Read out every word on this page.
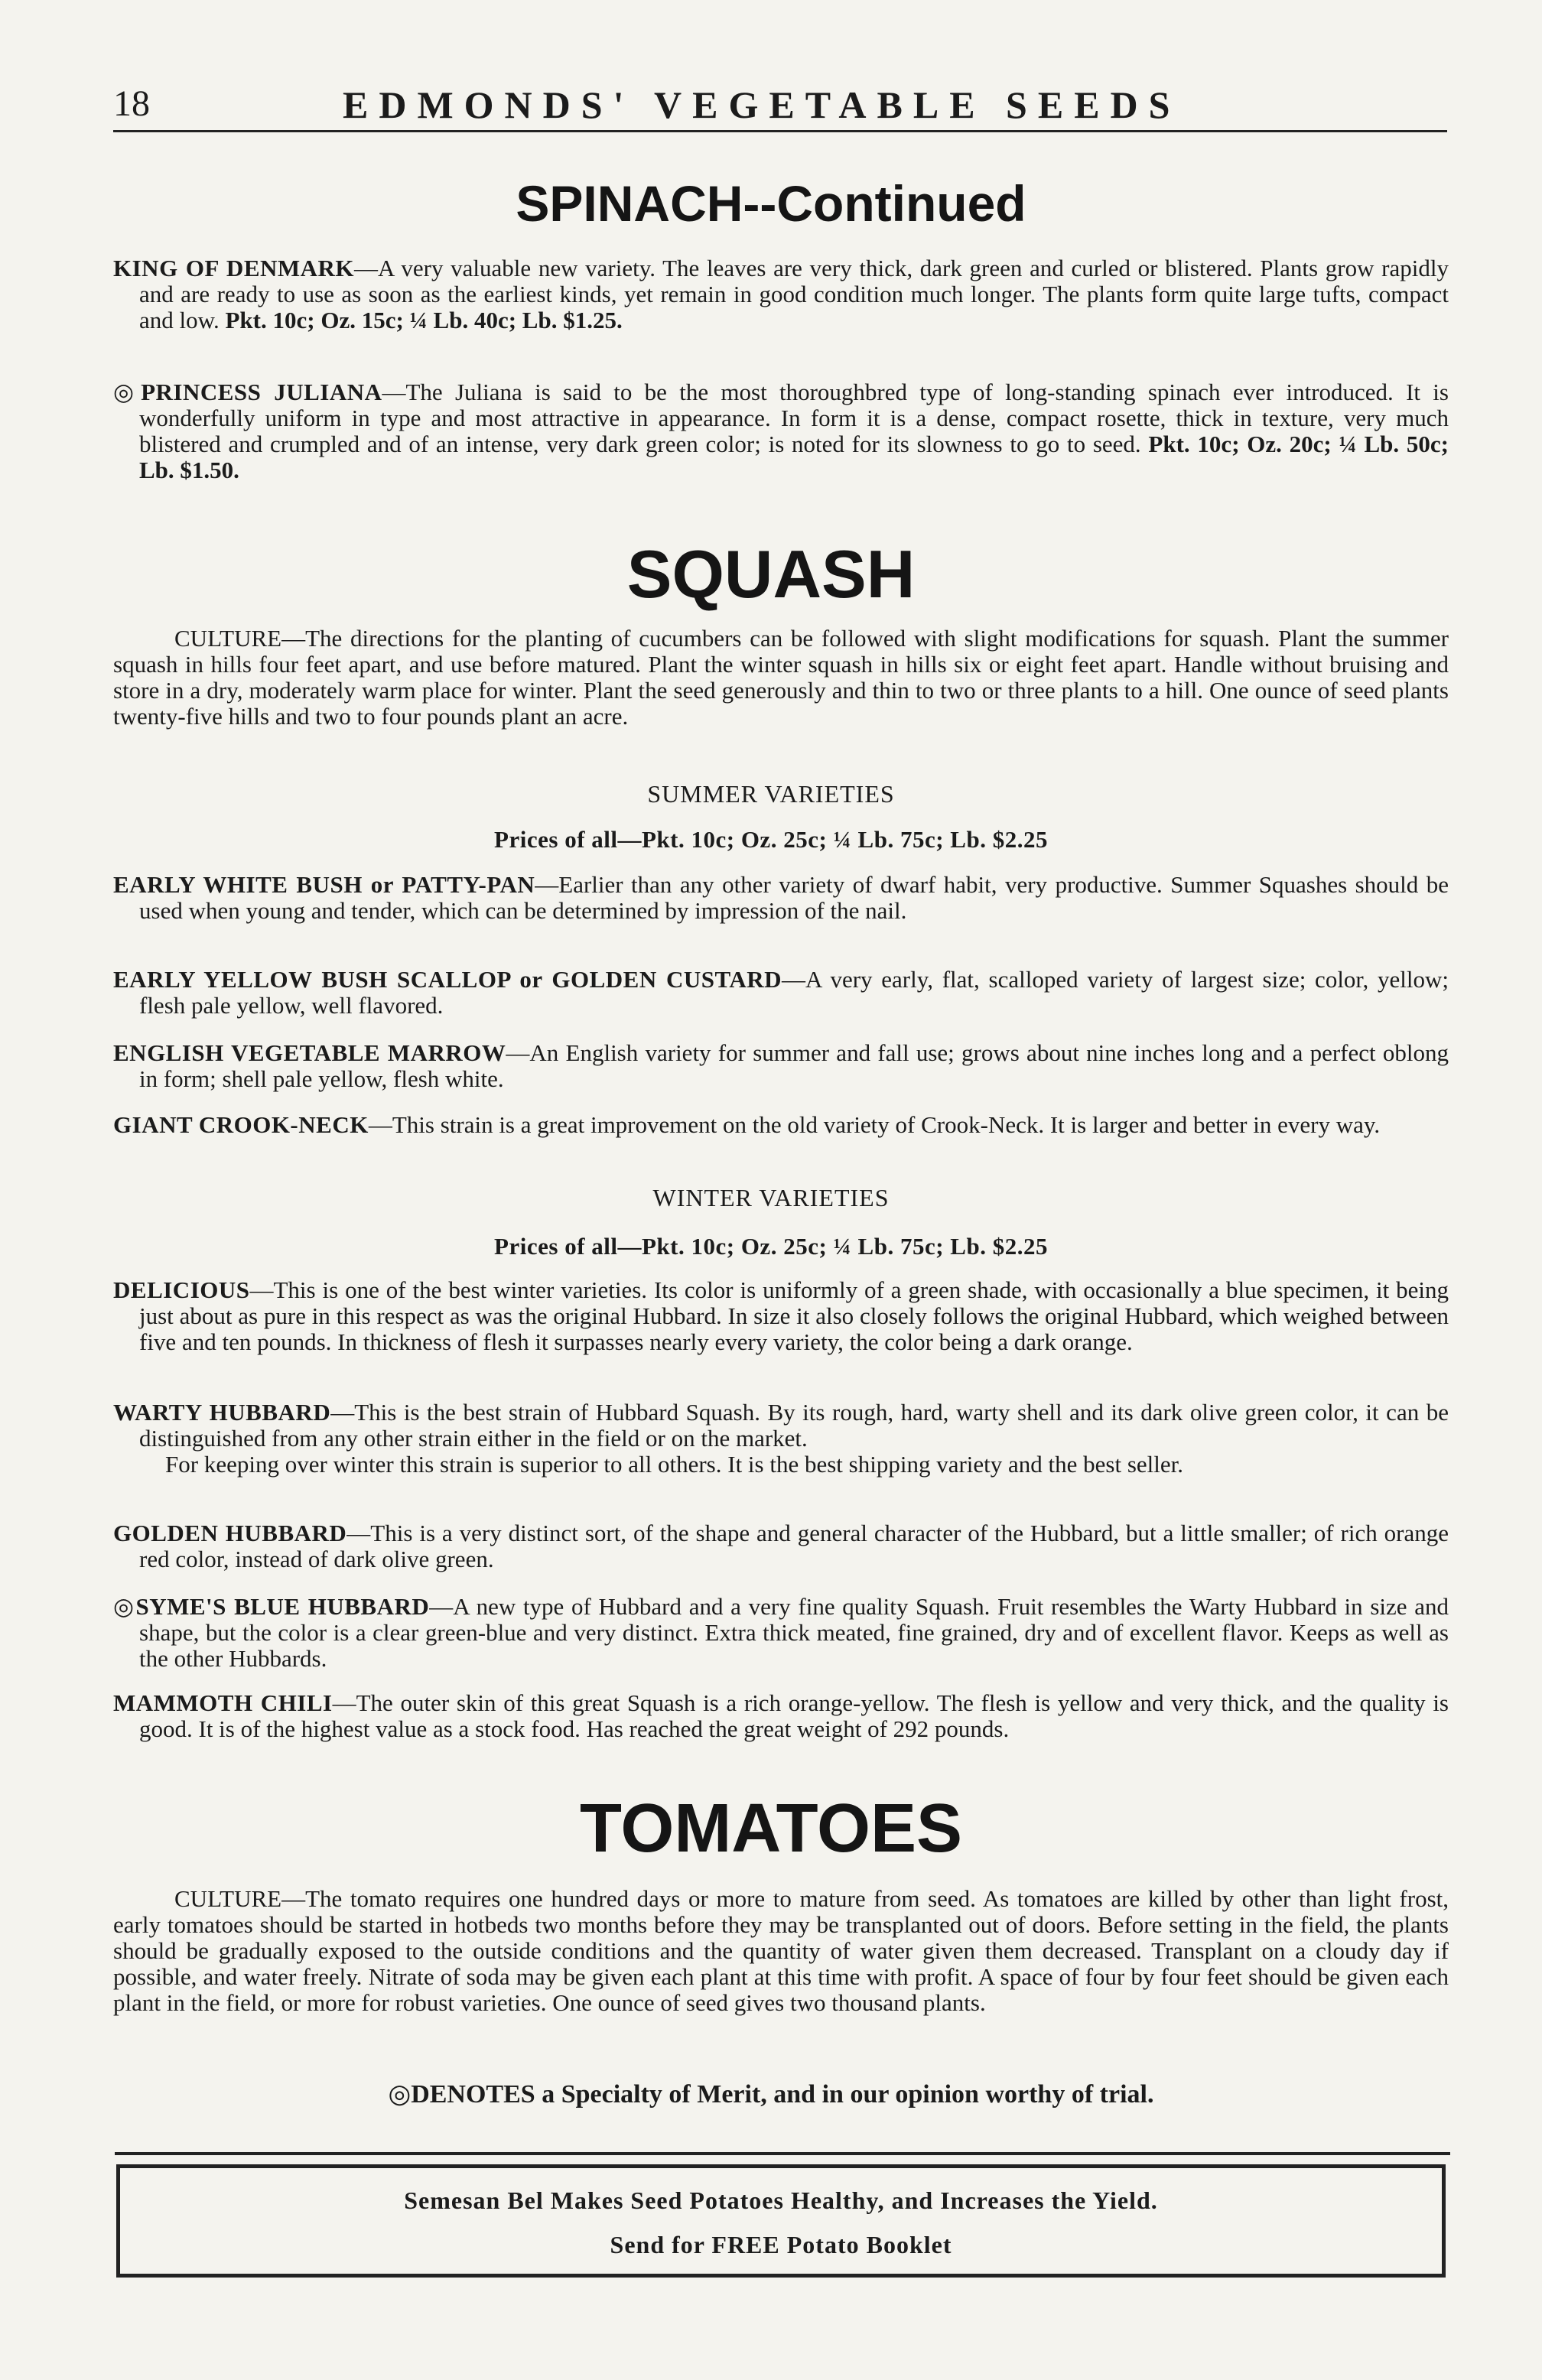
18	EDMONDS' VEGETABLE SEEDS
SPINACH--Continued
KING OF DENMARK—A very valuable new variety. The leaves are very thick, dark green and curled or blistered. Plants grow rapidly and are ready to use as soon as the earliest kinds, yet remain in good condition much longer. The plants form quite large tufts, compact and low. Pkt. 10c; Oz. 15c; ¼ Lb. 40c; Lb. $1.25.
◎PRINCESS JULIANA—The Juliana is said to be the most thoroughbred type of long-standing spinach ever introduced. It is wonderfully uniform in type and most attractive in appearance. In form it is a dense, compact rosette, thick in texture, very much blistered and crumpled and of an intense, very dark green color; is noted for its slowness to go to seed. Pkt. 10c; Oz. 20c; ¼ Lb. 50c; Lb. $1.50.
SQUASH
CULTURE—The directions for the planting of cucumbers can be followed with slight modifications for squash. Plant the summer squash in hills four feet apart, and use before matured. Plant the winter squash in hills six or eight feet apart. Handle without bruising and store in a dry, moderately warm place for winter. Plant the seed generously and thin to two or three plants to a hill. One ounce of seed plants twenty-five hills and two to four pounds plant an acre.
SUMMER VARIETIES
Prices of all—Pkt. 10c; Oz. 25c; ¼ Lb. 75c; Lb. $2.25
EARLY WHITE BUSH or PATTY-PAN—Earlier than any other variety of dwarf habit, very productive. Summer Squashes should be used when young and tender, which can be determined by impression of the nail.
EARLY YELLOW BUSH SCALLOP or GOLDEN CUSTARD—A very early, flat, scalloped variety of largest size; color, yellow; flesh pale yellow, well flavored.
ENGLISH VEGETABLE MARROW—An English variety for summer and fall use; grows about nine inches long and a perfect oblong in form; shell pale yellow, flesh white.
GIANT CROOK-NECK—This strain is a great improvement on the old variety of Crook-Neck. It is larger and better in every way.
WINTER VARIETIES
Prices of all—Pkt. 10c; Oz. 25c; ¼ Lb. 75c; Lb. $2.25
DELICIOUS—This is one of the best winter varieties. Its color is uniformly of a green shade, with occasionally a blue specimen, it being just about as pure in this respect as was the original Hubbard. In size it also closely follows the original Hubbard, which weighed between five and ten pounds. In thickness of flesh it surpasses nearly every variety, the color being a dark orange.
WARTY HUBBARD—This is the best strain of Hubbard Squash. By its rough, hard, warty shell and its dark olive green color, it can be distinguished from any other strain either in the field or on the market.
For keeping over winter this strain is superior to all others. It is the best shipping variety and the best seller.
GOLDEN HUBBARD—This is a very distinct sort, of the shape and general character of the Hubbard, but a little smaller; of rich orange red color, instead of dark olive green.
◎SYME'S BLUE HUBBARD—A new type of Hubbard and a very fine quality Squash. Fruit resembles the Warty Hubbard in size and shape, but the color is a clear green-blue and very distinct. Extra thick meated, fine grained, dry and of excellent flavor. Keeps as well as the other Hubbards.
MAMMOTH CHILI—The outer skin of this great Squash is a rich orange-yellow. The flesh is yellow and very thick, and the quality is good. It is of the highest value as a stock food. Has reached the great weight of 292 pounds.
TOMATOES
CULTURE—The tomato requires one hundred days or more to mature from seed. As tomatoes are killed by other than light frost, early tomatoes should be started in hotbeds two months before they may be transplanted out of doors. Before setting in the field, the plants should be gradually exposed to the outside conditions and the quantity of water given them decreased. Transplant on a cloudy day if possible, and water freely. Nitrate of soda may be given each plant at this time with profit. A space of four by four feet should be given each plant in the field, or more for robust varieties. One ounce of seed gives two thousand plants.
◎DENOTES a Specialty of Merit, and in our opinion worthy of trial.
Semesan Bel Makes Seed Potatoes Healthy, and Increases the Yield.
Send for FREE Potato Booklet
